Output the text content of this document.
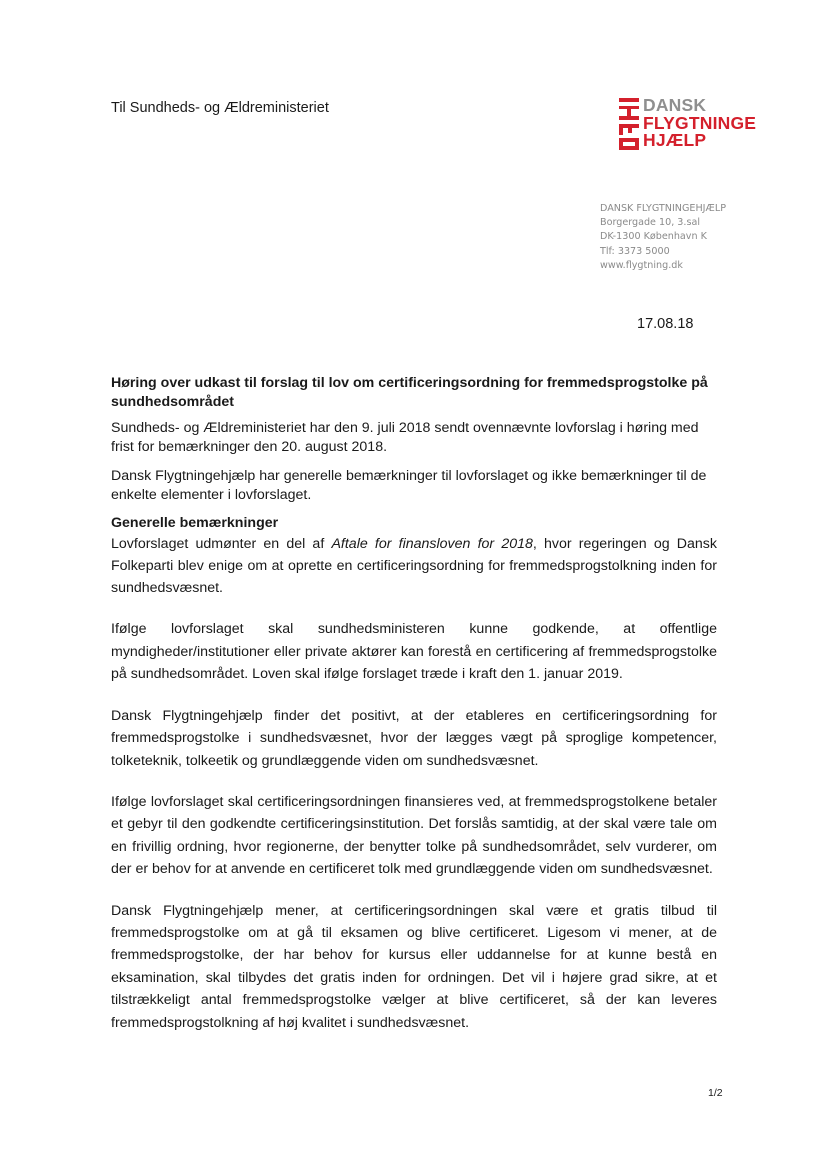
Til Sundheds- og Ældreministeriet	DANSK
FLYGTNINGE
HJÆLP
DANSK FLYGTNINGEHJÆLP
Borgergade 10, 3.sal
DK-1300 København K
Tlf: 3373 5000
www.flygtning.dk
17.08.18
Høring over udkast til forslag til lov om certificeringsordning for fremmedsprogstolke på sundhedsområdet

Sundheds- og Ældreministeriet har den 9. juli 2018 sendt ovennævnte lovforslag i høring med frist for bemærkninger den 20. august 2018.

Dansk Flygtningehjælp har generelle bemærkninger til lovforslaget og ikke bemærkninger til de enkelte elementer i lovforslaget.

Generelle bemærkninger

Lovforslaget udmønter en del af Aftale for finansloven for 2018, hvor regeringen og Dansk Folkeparti blev enige om at oprette en certificeringsordning for fremmedsprogstolkning inden for sundhedsvæsnet.

Ifølge lovforslaget skal sundhedsministeren kunne godkende, at offentlige myndigheder/institutioner eller private aktører kan forestå en certificering af fremmedsprogstolke på sundhedsområdet. Loven skal ifølge forslaget træde i kraft den 1. januar 2019.

Dansk Flygtningehjælp finder det positivt, at der etableres en certificeringsordning for fremmedsprogstolke i sundhedsvæsnet, hvor der lægges vægt på sproglige kompetencer, tolketeknik, tolkeetik og grundlæggende viden om sundhedsvæsnet.

Ifølge lovforslaget skal certificeringsordningen finansieres ved, at fremmedsprogstolkene betaler et gebyr til den godkendte certificeringsinstitution. Det forslås samtidig, at der skal være tale om en frivillig ordning, hvor regionerne, der benytter tolke på sundhedsområdet, selv vurderer, om der er behov for at anvende en certificeret tolk med grundlæggende viden om sundhedsvæsnet.

Dansk Flygtningehjælp mener, at certificeringsordningen skal være et gratis tilbud til fremmedsprogstolke om at gå til eksamen og blive certificeret. Ligesom vi mener, at de fremmedsprogstolke, der har behov for kursus eller uddannelse for at kunne bestå en eksamination, skal tilbydes det gratis inden for ordningen. Det vil i højere grad sikre, at et tilstrækkeligt antal fremmedsprogstolke vælger at blive certificeret, så der kan leveres fremmedsprogstolkning af høj kvalitet i sundhedsvæsnet.

1/2
